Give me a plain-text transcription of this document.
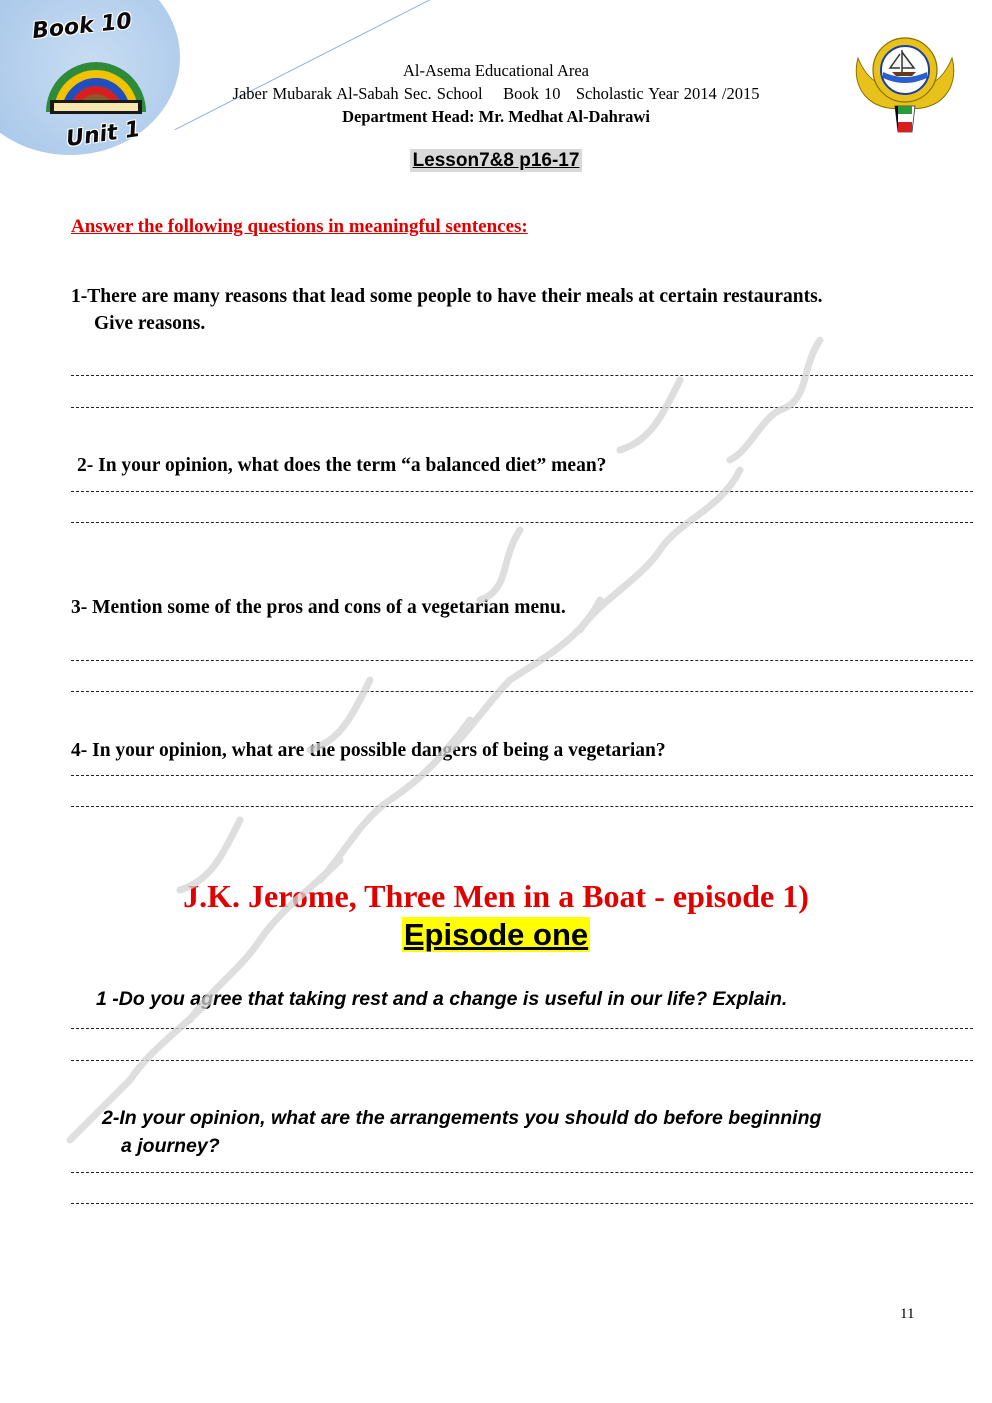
Book 10
Unit 1
Al-Asema Educational Area
Jaber Mubarak Al-Sabah Sec. School    Book 10   Scholastic Year 2014 /2015
Department Head: Mr. Medhat Al-Dahrawi
Lesson7&8 p16-17
Answer the following questions in meaningful sentences:
1-There are many reasons that lead some people to have their meals at certain restaurants.
Give reasons.
2- In your opinion, what does the term “a balanced diet” mean?
3- Mention some of the pros and cons of a vegetarian menu.
4- In your opinion, what are the possible dangers of being a vegetarian?
J.K. Jerome, Three Men in a Boat - episode 1)
Episode one
1 -Do you agree that taking rest and a change is useful in our life? Explain.
2-In your opinion, what are the arrangements you should do before beginning
a journey?
11
